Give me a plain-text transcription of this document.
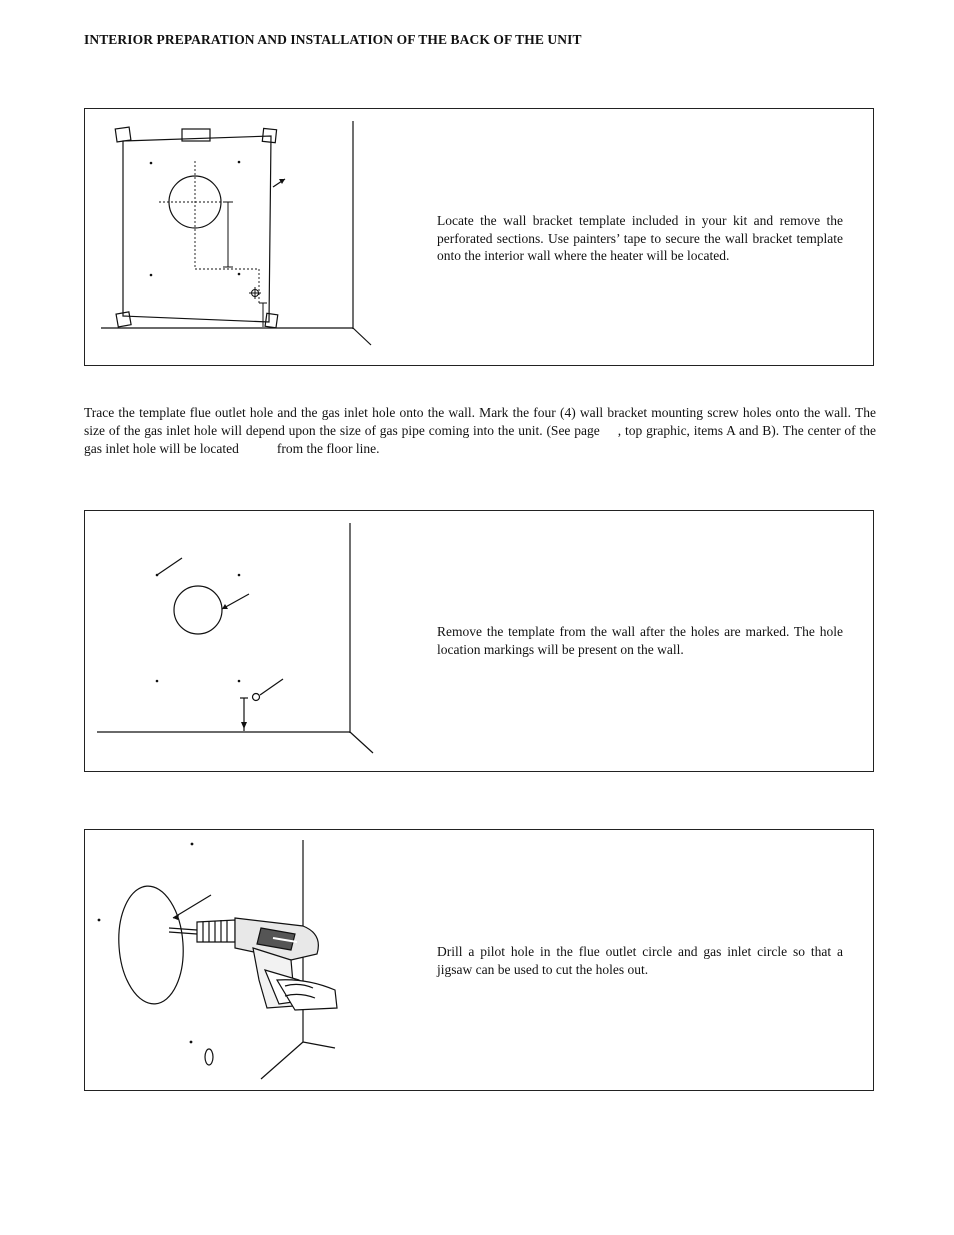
INTERIOR PREPARATION AND INSTALLATION OF THE BACK OF THE UNIT
Locate the wall bracket template included in your kit and remove the perforated sections. Use painters’ tape to secure the wall bracket template onto the interior wall where the heater will be located.
Trace the template flue outlet hole and the gas inlet hole onto the wall. Mark the four (4) wall bracket mounting screw holes onto the wall. The size of the gas inlet hole will depend upon the size of gas pipe coming into the unit. (See page , top graphic, items A and B). The center of the gas inlet hole will be located	from the floor line.
Remove the template from the wall after the holes are marked. The hole location markings will be present on the wall.
Drill a pilot hole in the flue outlet circle and gas inlet circle so that a jigsaw can be used to cut the holes out.
